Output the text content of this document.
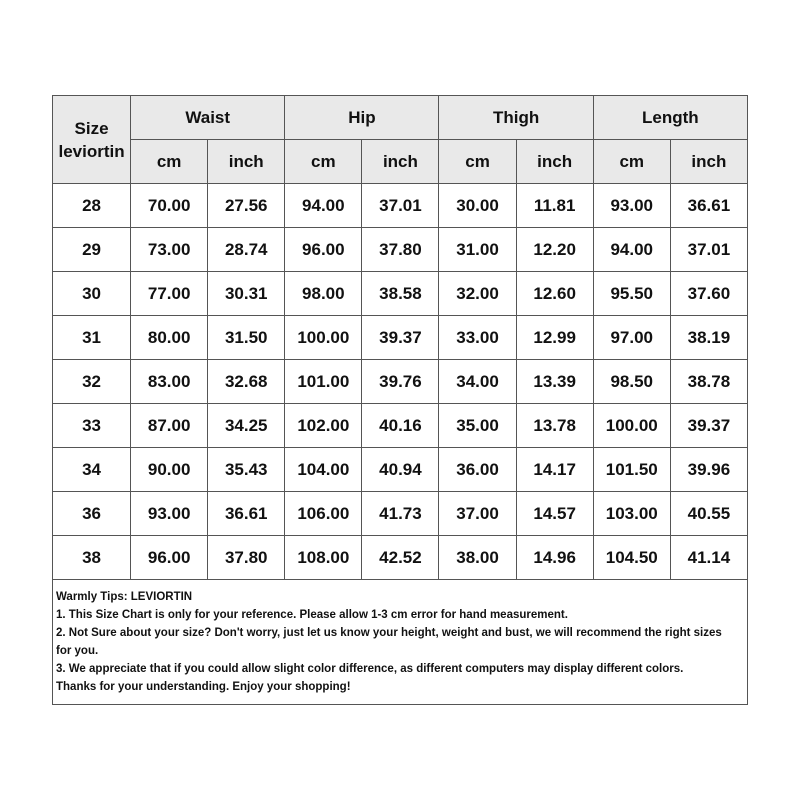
Size
leviortin	Waist		Hip		Thigh		Length	
	cm	inch	cm	inch	cm	inch	cm	inch
28	70.00	27.56	94.00	37.01	30.00	11.81	93.00	36.61
29	73.00	28.74	96.00	37.80	31.00	12.20	94.00	37.01
30	77.00	30.31	98.00	38.58	32.00	12.60	95.50	37.60
31	80.00	31.50	100.00	39.37	33.00	12.99	97.00	38.19
32	83.00	32.68	101.00	39.76	34.00	13.39	98.50	38.78
33	87.00	34.25	102.00	40.16	35.00	13.78	100.00	39.37
34	90.00	35.43	104.00	40.94	36.00	14.17	101.50	39.96
36	93.00	36.61	106.00	41.73	37.00	14.57	103.00	40.55
38	96.00	37.80	108.00	42.52	38.00	14.96	104.50	41.14
Warmly Tips: LEVIORTIN
1. This Size Chart is only for your reference. Please allow 1-3 cm error for hand measurement.
2. Not Sure about your size? Don't worry, just let us know your height, weight and bust, we will recommend the right sizes
for you.
3. We appreciate that if you could allow slight color difference, as different computers may display different colors.
Thanks for your understanding. Enjoy your shopping!
